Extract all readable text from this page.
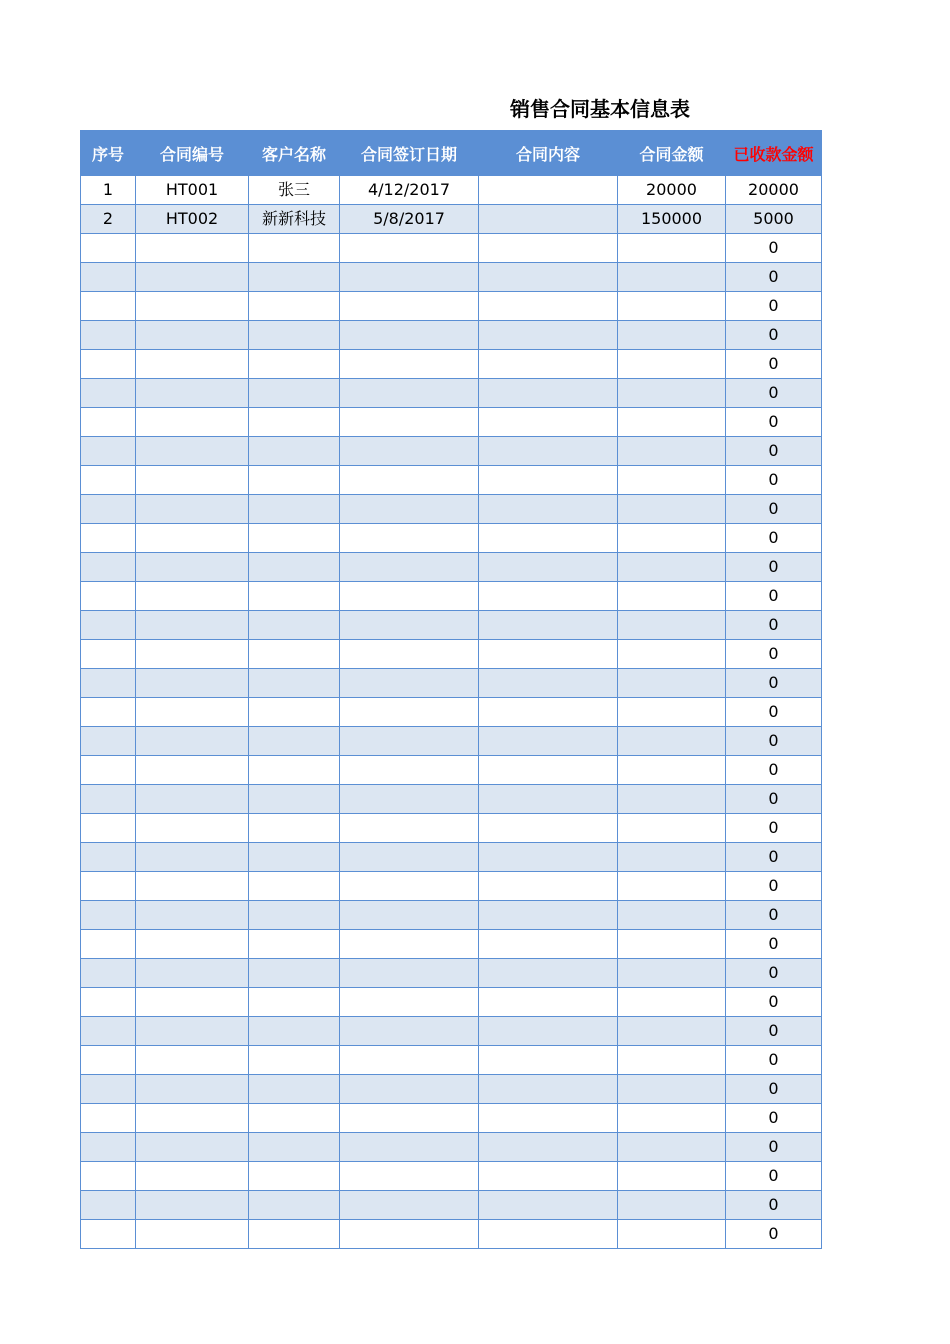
销售合同基本信息表
序号	合同编号	客户名称	合同签订日期	合同内容	合同金额	已收款金额
1	HT001	张三	4/12/2017		20000	20000
2	HT002	新新科技	5/8/2017		150000	5000
						0
						0
						0
						0
						0
						0
						0
						0
						0
						0
						0
						0
						0
						0
						0
						0
						0
						0
						0
						0
						0
						0
						0
						0
						0
						0
						0
						0
						0
						0
						0
						0
						0
						0
						0
